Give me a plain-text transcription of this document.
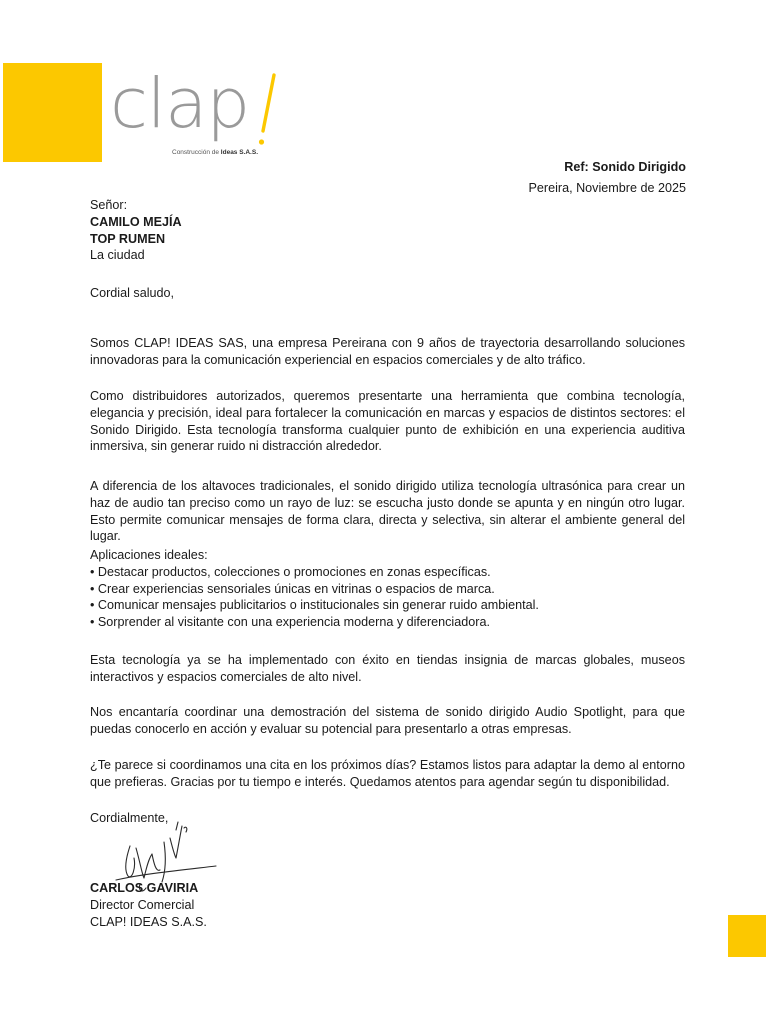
clap
Construcción de Ideas S.A.S.
Ref: Sonido Dirigido
Pereira, Noviembre de 2025
Señor:
CAMILO MEJÍA
TOP RUMEN
La ciudad
Cordial saludo,
Somos CLAP! IDEAS SAS, una empresa Pereirana con 9 años de trayectoria desarrollando soluciones innovadoras para la comunicación experiencial en espacios comerciales y de alto tráfico.
Como distribuidores autorizados, queremos presentarte una herramienta que combina tecnología, elegancia y precisión, ideal para fortalecer la comunicación en marcas y espacios de distintos sectores: el Sonido Dirigido. Esta tecnología transforma cualquier punto de exhibición en una experiencia auditiva inmersiva, sin generar ruido ni distracción alrededor.
A diferencia de los altavoces tradicionales, el sonido dirigido utiliza tecnología ultrasónica para crear un haz de audio tan preciso como un rayo de luz: se escucha justo donde se apunta y en ningún otro lugar. Esto permite comunicar mensajes de forma clara, directa y selectiva, sin alterar el ambiente general del lugar.
Aplicaciones ideales:
• Destacar productos, colecciones o promociones en zonas específicas.
• Crear experiencias sensoriales únicas en vitrinas o espacios de marca.
• Comunicar mensajes publicitarios o institucionales sin generar ruido ambiental.
• Sorprender al visitante con una experiencia moderna y diferenciadora.
Esta tecnología ya se ha implementado con éxito en tiendas insignia de marcas globales, museos interactivos y espacios comerciales de alto nivel.
Nos encantaría coordinar una demostración del sistema de sonido dirigido Audio Spotlight, para que puedas conocerlo en acción y evaluar su potencial para presentarlo a otras empresas.
¿Te parece si coordinamos una cita en los próximos días? Estamos listos para adaptar la demo al entorno que prefieras. Gracias por tu tiempo e interés. Quedamos atentos para agendar según tu disponibilidad.
Cordialmente,
CARLOS GAVIRIA
Director Comercial
CLAP! IDEAS S.A.S.
